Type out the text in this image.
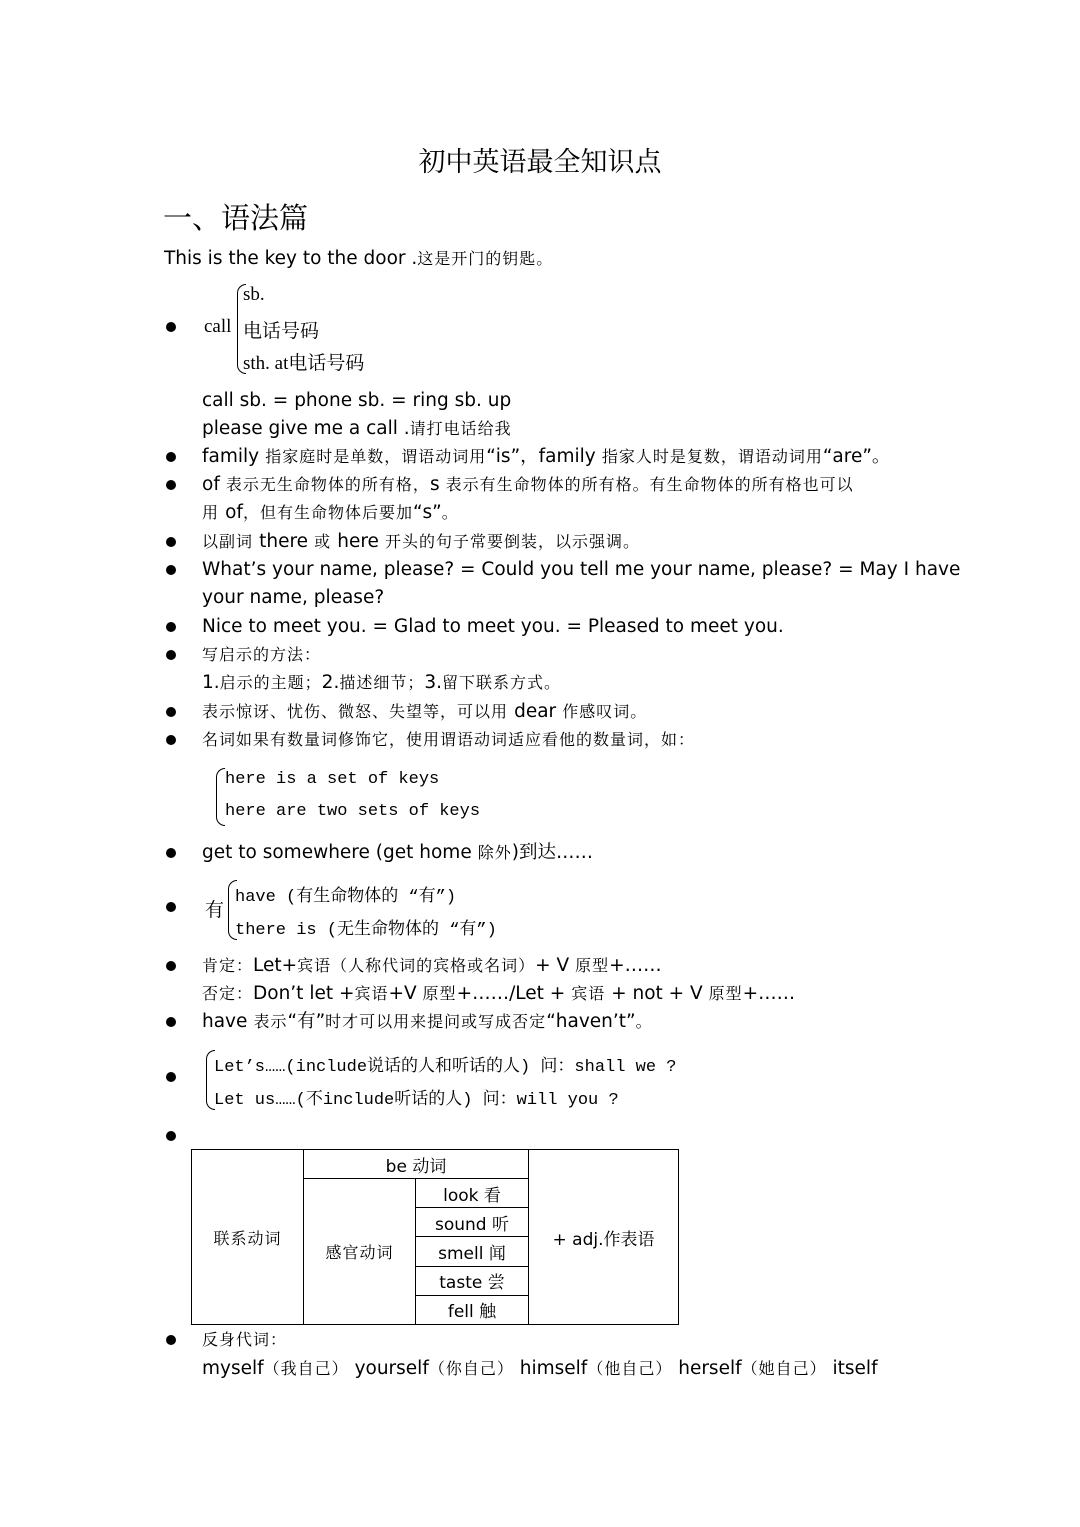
初中英语最全知识点
一、语法篇
This is the key to the door .这是开门的钥匙。
call
sb.
电话号码
sth. at电话号码
call sb. = phone sb. = ring sb. up
please give me a call .请打电话给我
family 指家庭时是单数，谓语动词用“is”，family 指家人时是复数，谓语动词用“are”。
of 表示无生命物体的所有格，s 表示有生命物体的所有格。有生命物体的所有格也可以
用 of，但有生命物体后要加“s”。
以副词 there 或 here 开头的句子常要倒装，以示强调。
What’s your name, please? = Could you tell me your name, please? = May I have
your name, please?
Nice to meet you. = Glad to meet you. = Pleased to meet you.
写启示的方法：
1.启示的主题；2.描述细节；3.留下联系方式。
表示惊讶、忧伤、微怒、失望等，可以用 dear 作感叹词。
名词如果有数量词修饰它，使用谓语动词适应看他的数量词，如：
here is a set of keys
here are two sets of keys
get to somewhere (get home 除外)到达……
有
have (有生命物体的 “有”)
there is (无生命物体的 “有”)
肯定：Let+宾语（人称代词的宾格或名词）+ V 原型+……
否定：Don’t let +宾语+V 原型+……/Let + 宾语 + not + V 原型+……
have 表示“有”时才可以用来提问或写成否定“haven’t”。
Let’s……(include说话的人和听话的人) 问：shall we ?
Let us……(不include听话的人) 问：will you ?
联系动词	be 动词		+ adj.作表语
	感官动词	look 看	
		sound 听	
		smell 闻	
		taste 尝	
		fell 触	
反身代词：
myself（我自己） yourself（你自己） himself（他自己） herself（她自己） itself
